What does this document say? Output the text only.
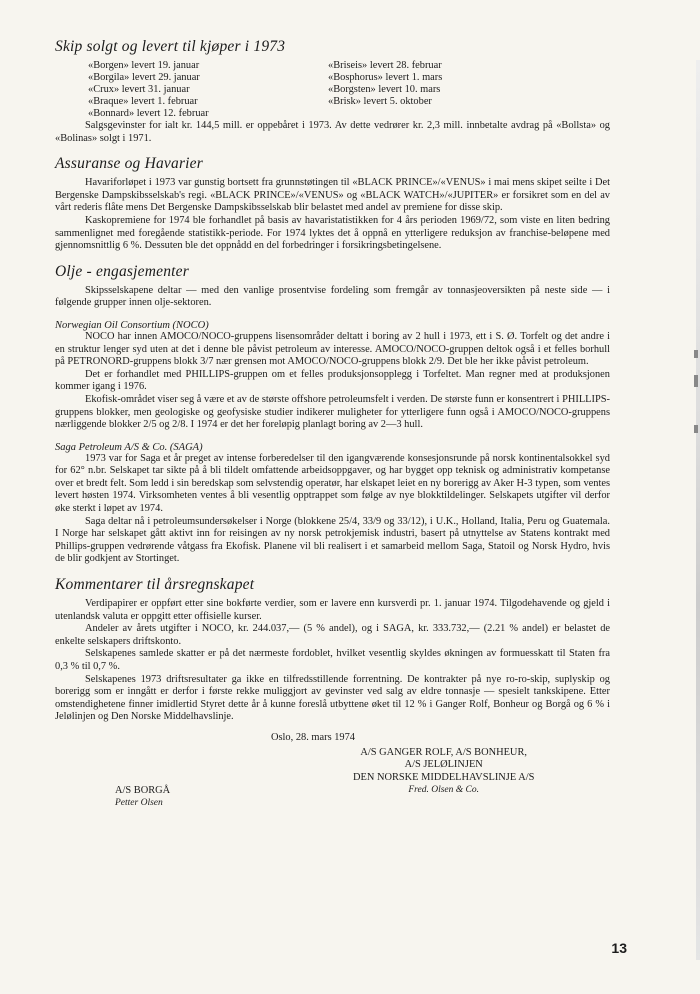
Skip solgt og levert til kjøper i 1973
«Borgen» levert 19. januar
«Borgila» levert 29. januar
«Crux» levert 31. januar
«Braque» levert 1. februar
«Bonnard» levert 12. februar
«Briseis» levert 28. februar
«Bosphorus» levert 1. mars
«Borgsten» levert 10. mars
«Brisk» levert 5. oktober

Salgsgevinster for ialt kr. 144,5 mill. er oppebåret i 1973. Av dette vedrører kr. 2,3 mill. innbetalte avdrag på «Bollsta» og «Bolinas» solgt i 1971.

Assuranse og Havarier

Havariforløpet i 1973 var gunstig bortsett fra grunnstøtingen til «BLACK PRINCE»/«VENUS» i mai mens skipet seilte i Det Bergenske Dampskibsselskab's regi. «BLACK PRINCE»/«VENUS» og «BLACK WATCH»/«JUPITER» er forsikret som en del av vårt rederis flåte mens Det Bergenske Dampskibsselskab blir belastet med andel av premiene for disse skip.

Kaskopremiene for 1974 ble forhandlet på basis av havaristatistikken for 4 års perioden 1969/72, som viste en liten bedring sammenlignet med foregående statistikk-periode. For 1974 lyktes det å oppnå en ytterligere reduksjon av franchise-beløpene med gjennomsnittlig 6 %. Dessuten ble det oppnådd en del forbedringer i forsikringsbetingelsene.

Olje - engasjementer

Skipsselskapene deltar — med den vanlige prosentvise fordeling som fremgår av tonnasjeoversikten på neste side — i følgende grupper innen olje-sektoren.

Norwegian Oil Consortium (NOCO)

NOCO har innen AMOCO/NOCO-gruppens lisensområder deltatt i boring av 2 hull i 1973, ett i S. Ø. Torfelt og det andre i en struktur lenger syd uten at det i denne ble påvist petroleum av interesse. AMOCO/NOCO-gruppen deltok også i et felles borhull på PETRONORD-gruppens blokk 3/7 nær grensen mot AMOCO/NOCO-gruppens blokk 2/9. Det ble her ikke påvist petroleum.

Det er forhandlet med PHILLIPS-gruppen om et felles produksjonsopplegg i Torfeltet. Man regner med at produksjonen kommer igang i 1976.

Ekofisk-området viser seg å være et av de største offshore petroleumsfelt i verden. De største funn er konsentrert i PHILLIPS-gruppens blokker, men geologiske og geofysiske studier indikerer muligheter for ytterligere funn også i AMOCO/NOCO-gruppens nærliggende blokker 2/5 og 2/8. I 1974 er det her foreløpig planlagt boring av 2—3 hull.

Saga Petroleum A/S & Co. (SAGA)

1973 var for Saga et år preget av intense forberedelser til den igangværende konsesjonsrunde på norsk kontinentalsokkel syd for 62° n.br. Selskapet tar sikte på å bli tildelt omfattende arbeidsoppgaver, og har bygget opp teknisk og administrativ kompetanse over et bredt felt. Som ledd i sin beredskap som selvstendig operatør, har elskapet leiet en ny borerigg av Aker H-3 typen, som ventes levert høsten 1974. Virksomheten ventes å bli vesentlig opptrappet som følge av nye blokktildelinger. Selskapets utgifter vil derfor øke sterkt i løpet av 1974.

Saga deltar nå i petroleumsundersøkelser i Norge (blokkene 25/4, 33/9 og 33/12), i U.K., Holland, Italia, Peru og Guatemala. I Norge har selskapet gått aktivt inn for reisingen av ny norsk petrokjemisk industri, basert på utnyttelse av Statens kontrakt med Phillips-gruppen vedrørende våtgass fra Ekofisk. Planene vil bli realisert i et samarbeid mellom Saga, Statoil og Norsk Hydro, hvis de blir godkjent av Stortinget.

Kommentarer til årsregnskapet

Verdipapirer er oppført etter sine bokførte verdier, som er lavere enn kursverdi pr. 1. januar 1974. Tilgodehavende og gjeld i utenlandsk valuta er oppgitt etter offisielle kurser.

Andeler av årets utgifter i NOCO, kr. 244.037,— (5 % andel), og i SAGA, kr. 333.732,— (2.21 % andel) er belastet de enkelte selskapers driftskonto.

Selskapenes samlede skatter er på det nærmeste fordoblet, hvilket vesentlig skyldes økningen av formuesskatt til Staten fra 0,3 % til 0,7 %.

Selskapenes 1973 driftsresultater ga ikke en tilfredsstillende forrentning. De kontrakter på nye ro-ro-skip, suplyskip og borerigg som er inngått er derfor i første rekke muliggjort av gevinster ved salg av eldre tonnasje — spesielt tankskipene. Etter omstendighetene finner imidlertid Styret dette år å kunne foreslå utbyttene øket til 12 % i Ganger Rolf, Bonheur og Borgå og 6 % i Jelølinjen og Den Norske Middelhavslinje.

Oslo, 28. mars 1974
A/S GANGER ROLF, A/S BONHEUR,
A/S JELØLINJEN
DEN NORSKE MIDDELHAVSLINJE A/S
Fred. Olsen & Co.
A/S BORGÅ
Petter Olsen
13
